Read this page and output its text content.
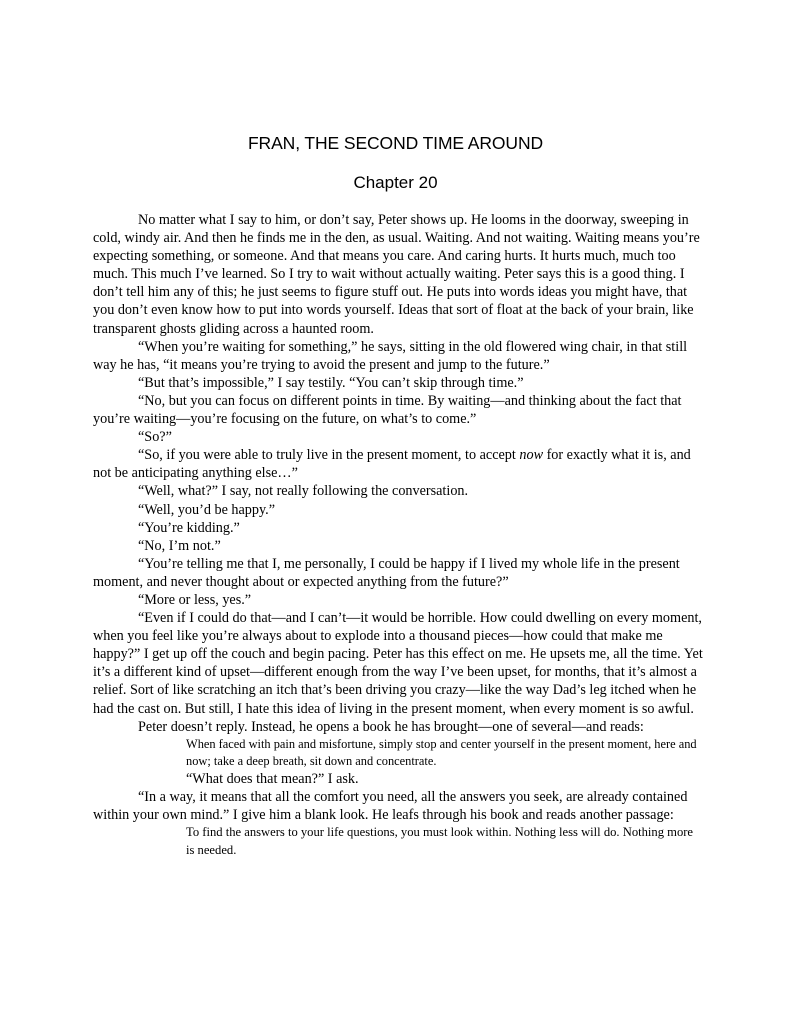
FRAN, THE SECOND TIME AROUND
Chapter 20

No matter what I say to him, or don’t say, Peter shows up. He looms in the doorway, sweeping in cold, windy air. And then he finds me in the den, as usual. Waiting. And not waiting. Waiting means you’re expecting something, or someone. And that means you care. And caring hurts. It hurts much, much too much. This much I’ve learned. So I try to wait without actually waiting. Peter says this is a good thing. I don’t tell him any of this; he just seems to figure stuff out. He puts into words ideas you might have, that you don’t even know how to put into words yourself. Ideas that sort of float at the back of your brain, like transparent ghosts gliding across a haunted room.

“When you’re waiting for something,” he says, sitting in the old flowered wing chair, in that still way he has, “it means you’re trying to avoid the present and jump to the future.”

“But that’s impossible,” I say testily. “You can’t skip through time.”

“No, but you can focus on different points in time. By waiting—and thinking about the fact that you’re waiting—you’re focusing on the future, on what’s to come.”

“So?”

“So, if you were able to truly live in the present moment, to accept now for exactly what it is, and not be anticipating anything else…”

“Well, what?” I say, not really following the conversation.

“Well, you’d be happy.”

“You’re kidding.”

“No, I’m not.”

“You’re telling me that I, me personally, I could be happy if I lived my whole life in the present moment, and never thought about or expected anything from the future?”

“More or less, yes.”

“Even if I could do that—and I can’t—it would be horrible. How could dwelling on every moment, when you feel like you’re always about to explode into a thousand pieces—how could that make me happy?” I get up off the couch and begin pacing. Peter has this effect on me. He upsets me, all the time. Yet it’s a different kind of upset—different enough from the way I’ve been upset, for months, that it’s almost a relief. Sort of like scratching an itch that’s been driving you crazy—like the way Dad’s leg itched when he had the cast on. But still, I hate this idea of living in the present moment, when every moment is so awful.

Peter doesn’t reply. Instead, he opens a book he has brought—one of several—and reads:

When faced with pain and misfortune, simply stop and center yourself in the present moment, here and now; take a deep breath, sit down and concentrate.
“What does that mean?” I ask.

“In a way, it means that all the comfort you need, all the answers you seek, are already contained within your own mind.” I give him a blank look. He leafs through his book and reads another passage:

To find the answers to your life questions, you must look within. Nothing less will do. Nothing more is needed.
